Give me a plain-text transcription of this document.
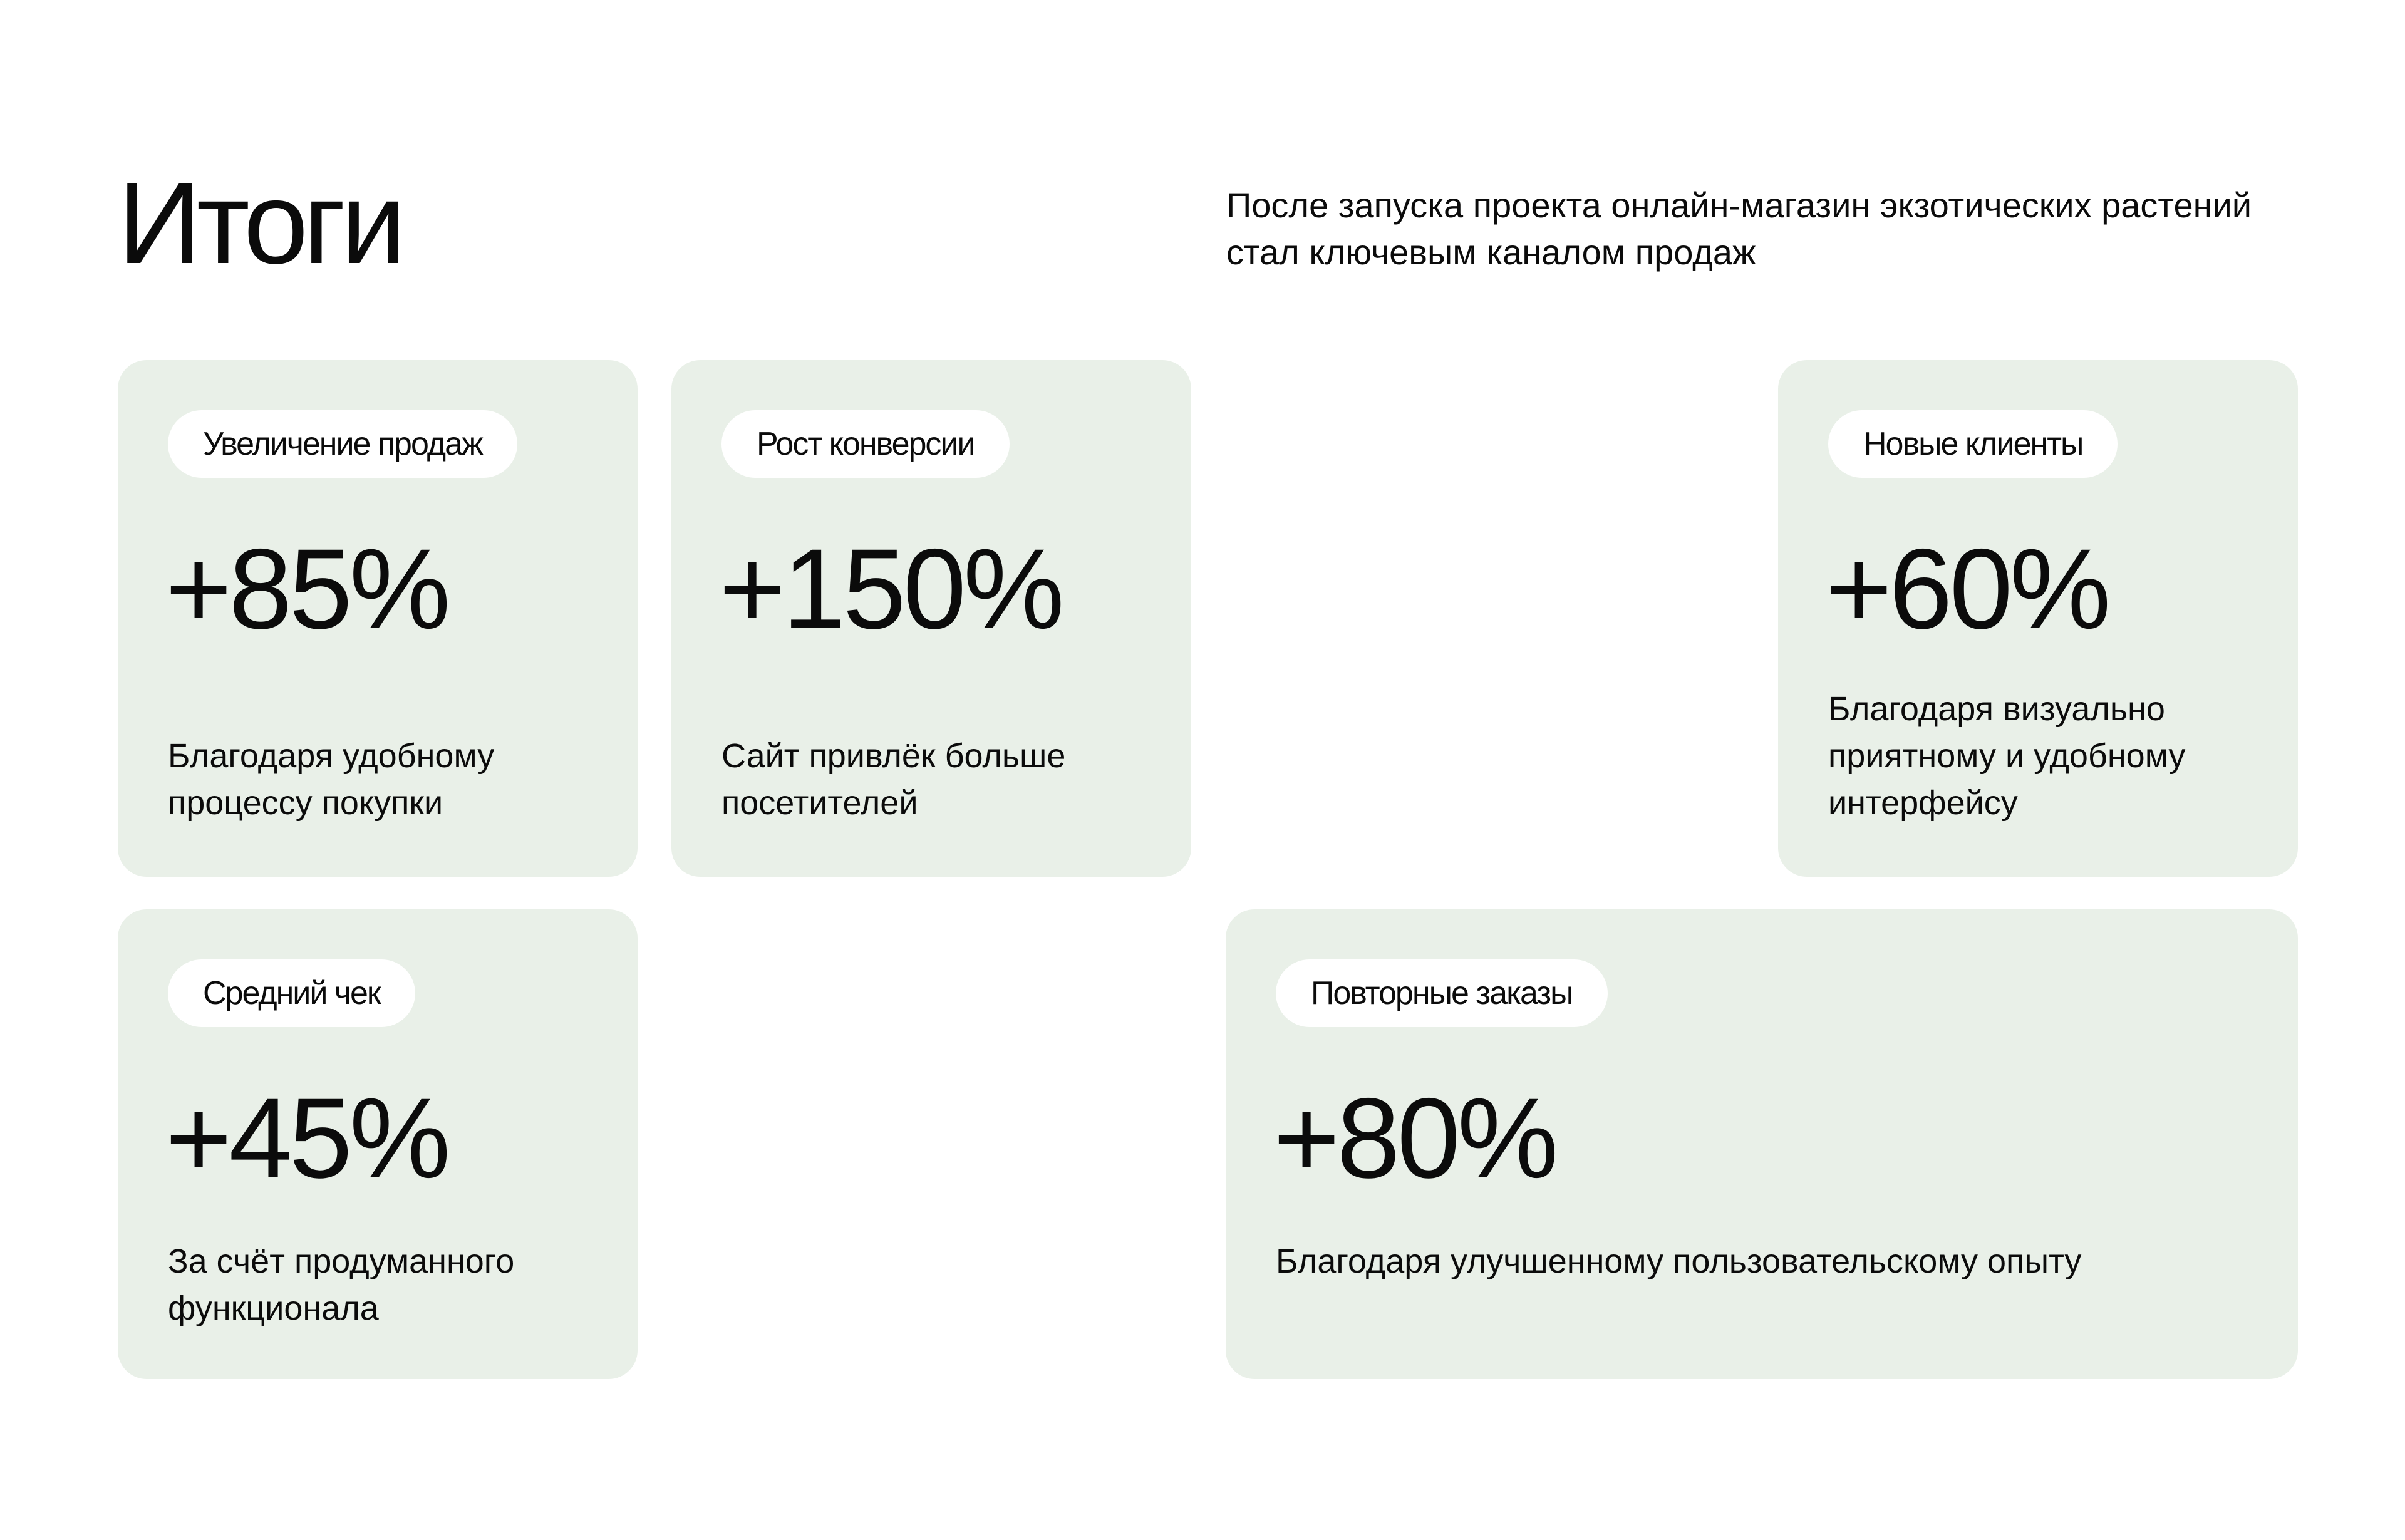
Итоги	После запуска проекта онлайн-магазин экзотических растений стал ключевым каналом продаж

Увеличение продаж
+85%

Благодаря удобному процессу покупки

Рост конверсии
+150%

Сайт привлёк больше посетителей

Новые клиенты
+60%

Благодаря визуально приятному и удобному интерфейсу

Средний чек
+45%

За счёт продуманного функционала

Повторные заказы
+80%

Благодаря улучшенному пользовательскому опыту
